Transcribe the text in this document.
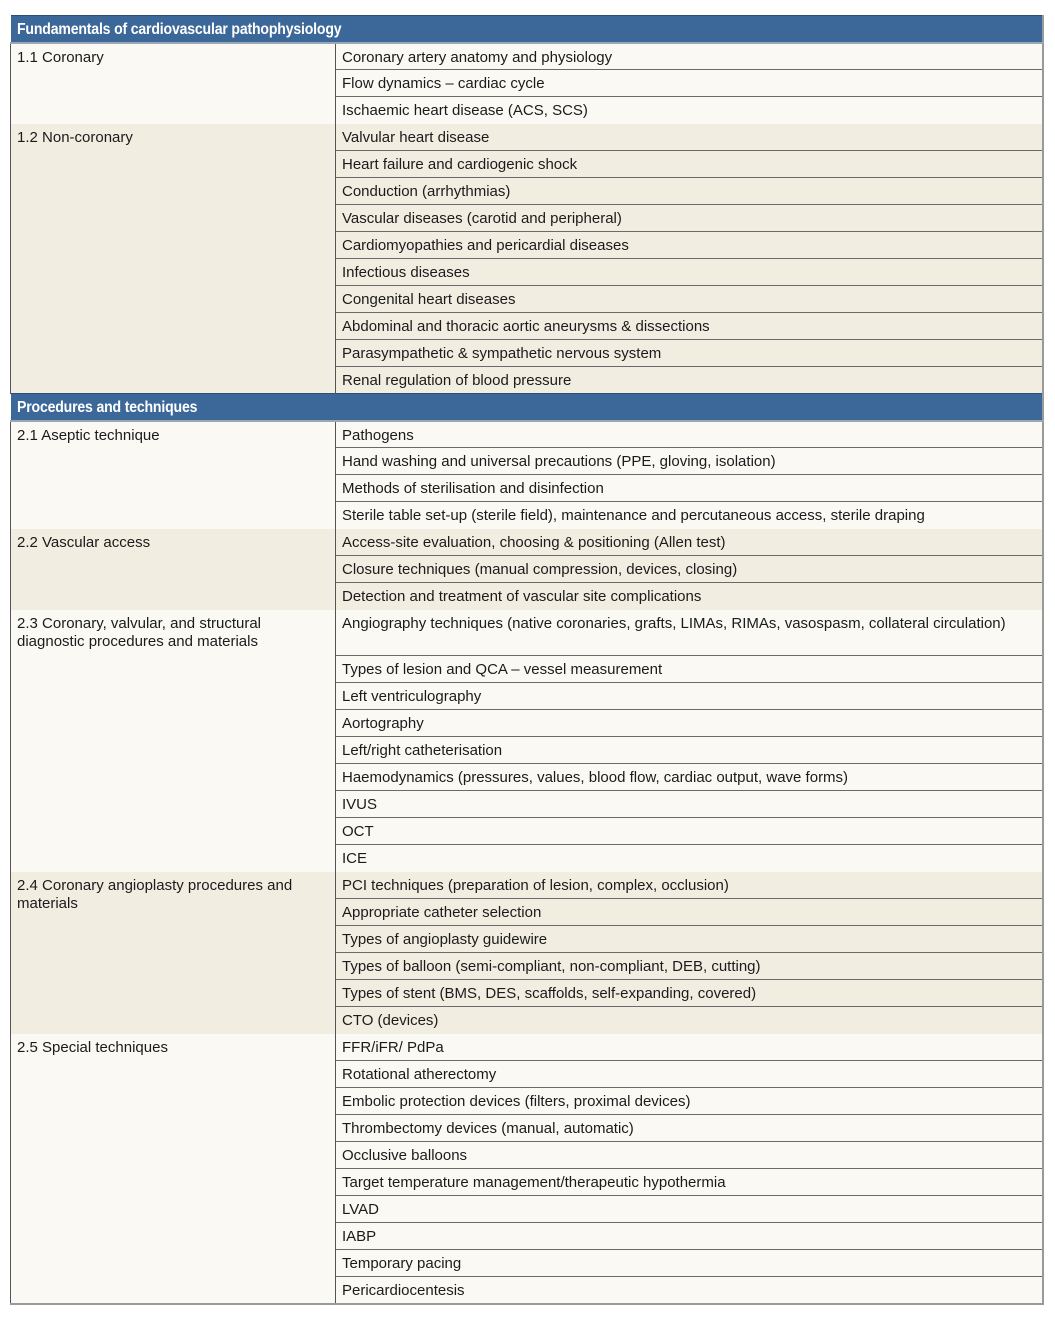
Fundamentals of cardiovascular pathophysiology	
1.1 Coronary	Coronary artery anatomy and physiology
	Flow dynamics – cardiac cycle
	Ischaemic heart disease (ACS, SCS)
1.2 Non-coronary	Valvular heart disease
	Heart failure and cardiogenic shock
	Conduction (arrhythmias)
	Vascular diseases (carotid and peripheral)
	Cardiomyopathies and pericardial diseases
	Infectious diseases
	Congenital heart diseases
	Abdominal and thoracic aortic aneurysms & dissections
	Parasympathetic & sympathetic nervous system
	Renal regulation of blood pressure
Procedures and techniques	
2.1 Aseptic technique	Pathogens
	Hand washing and universal precautions (PPE, gloving, isolation)
	Methods of sterilisation and disinfection
	Sterile table set-up (sterile field), maintenance and percutaneous access, sterile draping
2.2 Vascular access	Access-site evaluation, choosing & positioning (Allen test)
	Closure techniques (manual compression, devices, closing)
	Detection and treatment of vascular site complications
2.3 Coronary, valvular, and structural diagnostic procedures and materials	Angiography techniques (native coronaries, grafts, LIMAs, RIMAs, vasospasm, collateral circulation)
	Types of lesion and QCA – vessel measurement
	Left ventriculography
	Aortography
	Left/right catheterisation
	Haemodynamics (pressures, values, blood flow, cardiac output, wave forms)
	IVUS
	OCT
	ICE
2.4 Coronary angioplasty procedures and materials	PCI techniques (preparation of lesion, complex, occlusion)
	Appropriate catheter selection
	Types of angioplasty guidewire
	Types of balloon (semi-compliant, non-compliant, DEB, cutting)
	Types of stent (BMS, DES, scaffolds, self-expanding, covered)
	CTO (devices)
2.5 Special techniques	FFR/iFR/ PdPa
	Rotational atherectomy
	Embolic protection devices (filters, proximal devices)
	Thrombectomy devices (manual, automatic)
	Occlusive balloons
	Target temperature management/therapeutic hypothermia
	LVAD
	IABP
	Temporary pacing
	Pericardiocentesis
